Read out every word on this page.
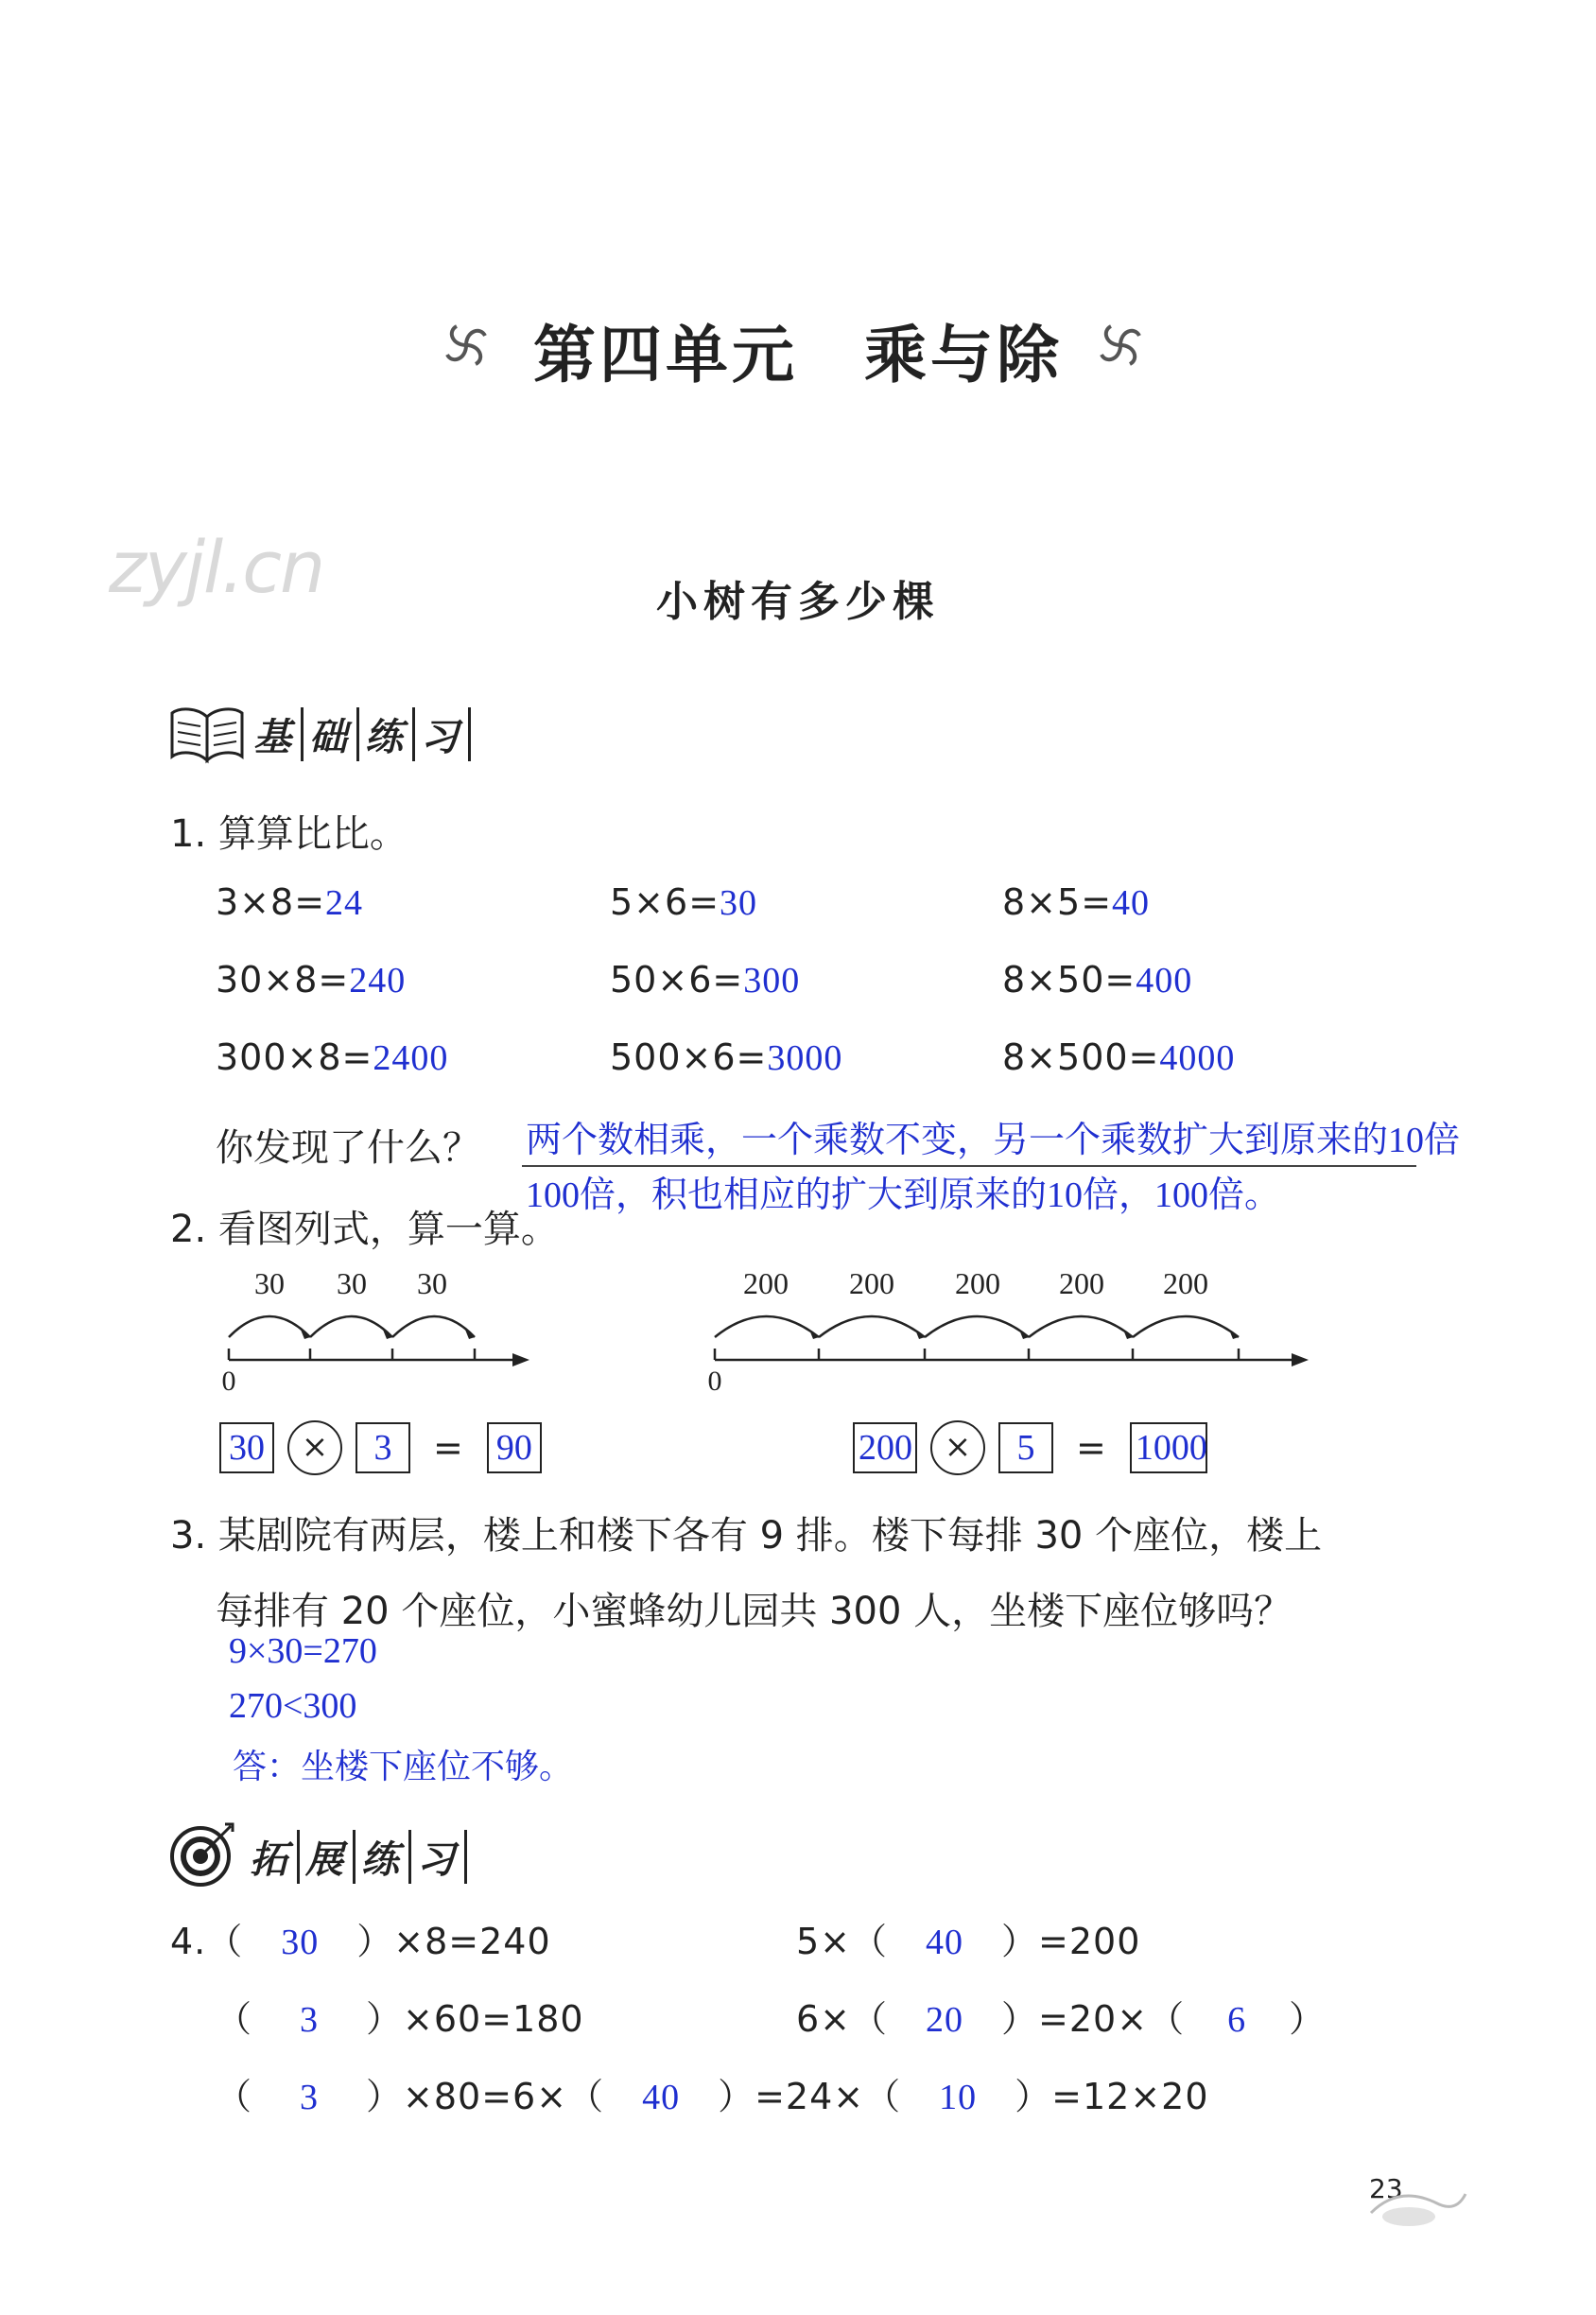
第四单元 乘与除
zyjl.cn	小树有多少棵
基 础 练 习
1. 算算比比。
3×8=24	5×6=30	8×5=40
30×8=240	50×6=300	8×50=400
300×8=2400	500×6=3000	8×500=4000
你发现了什么？ 两个数相乘，一个乘数不变，另一个乘数扩大到原来的10倍
100倍，积也相应的扩大到原来的10倍，100倍。
2. 看图列式，算一算。
30 30 30
0
200 200 200 200 200
0
30	×	3	= 90	200 ×	5	= 1000
3. 某剧院有两层，楼上和楼下各有 9 排。楼下每排 30 个座位，楼上
每排有 20 个座位，小蜜蜂幼儿园共 300 人，坐楼下座位够吗？
9×30=270
270<300
答：坐楼下座位不够。
拓 展 练 习
4.（ 30 ）×8=240	5×（ 40 ）=200
（ 3 ）×60=180	6×（ 20 ）=20×（ 6 ）
（ 3 ）×80=6×（ 40 ）=24×（ 10 ）=12×20
23
